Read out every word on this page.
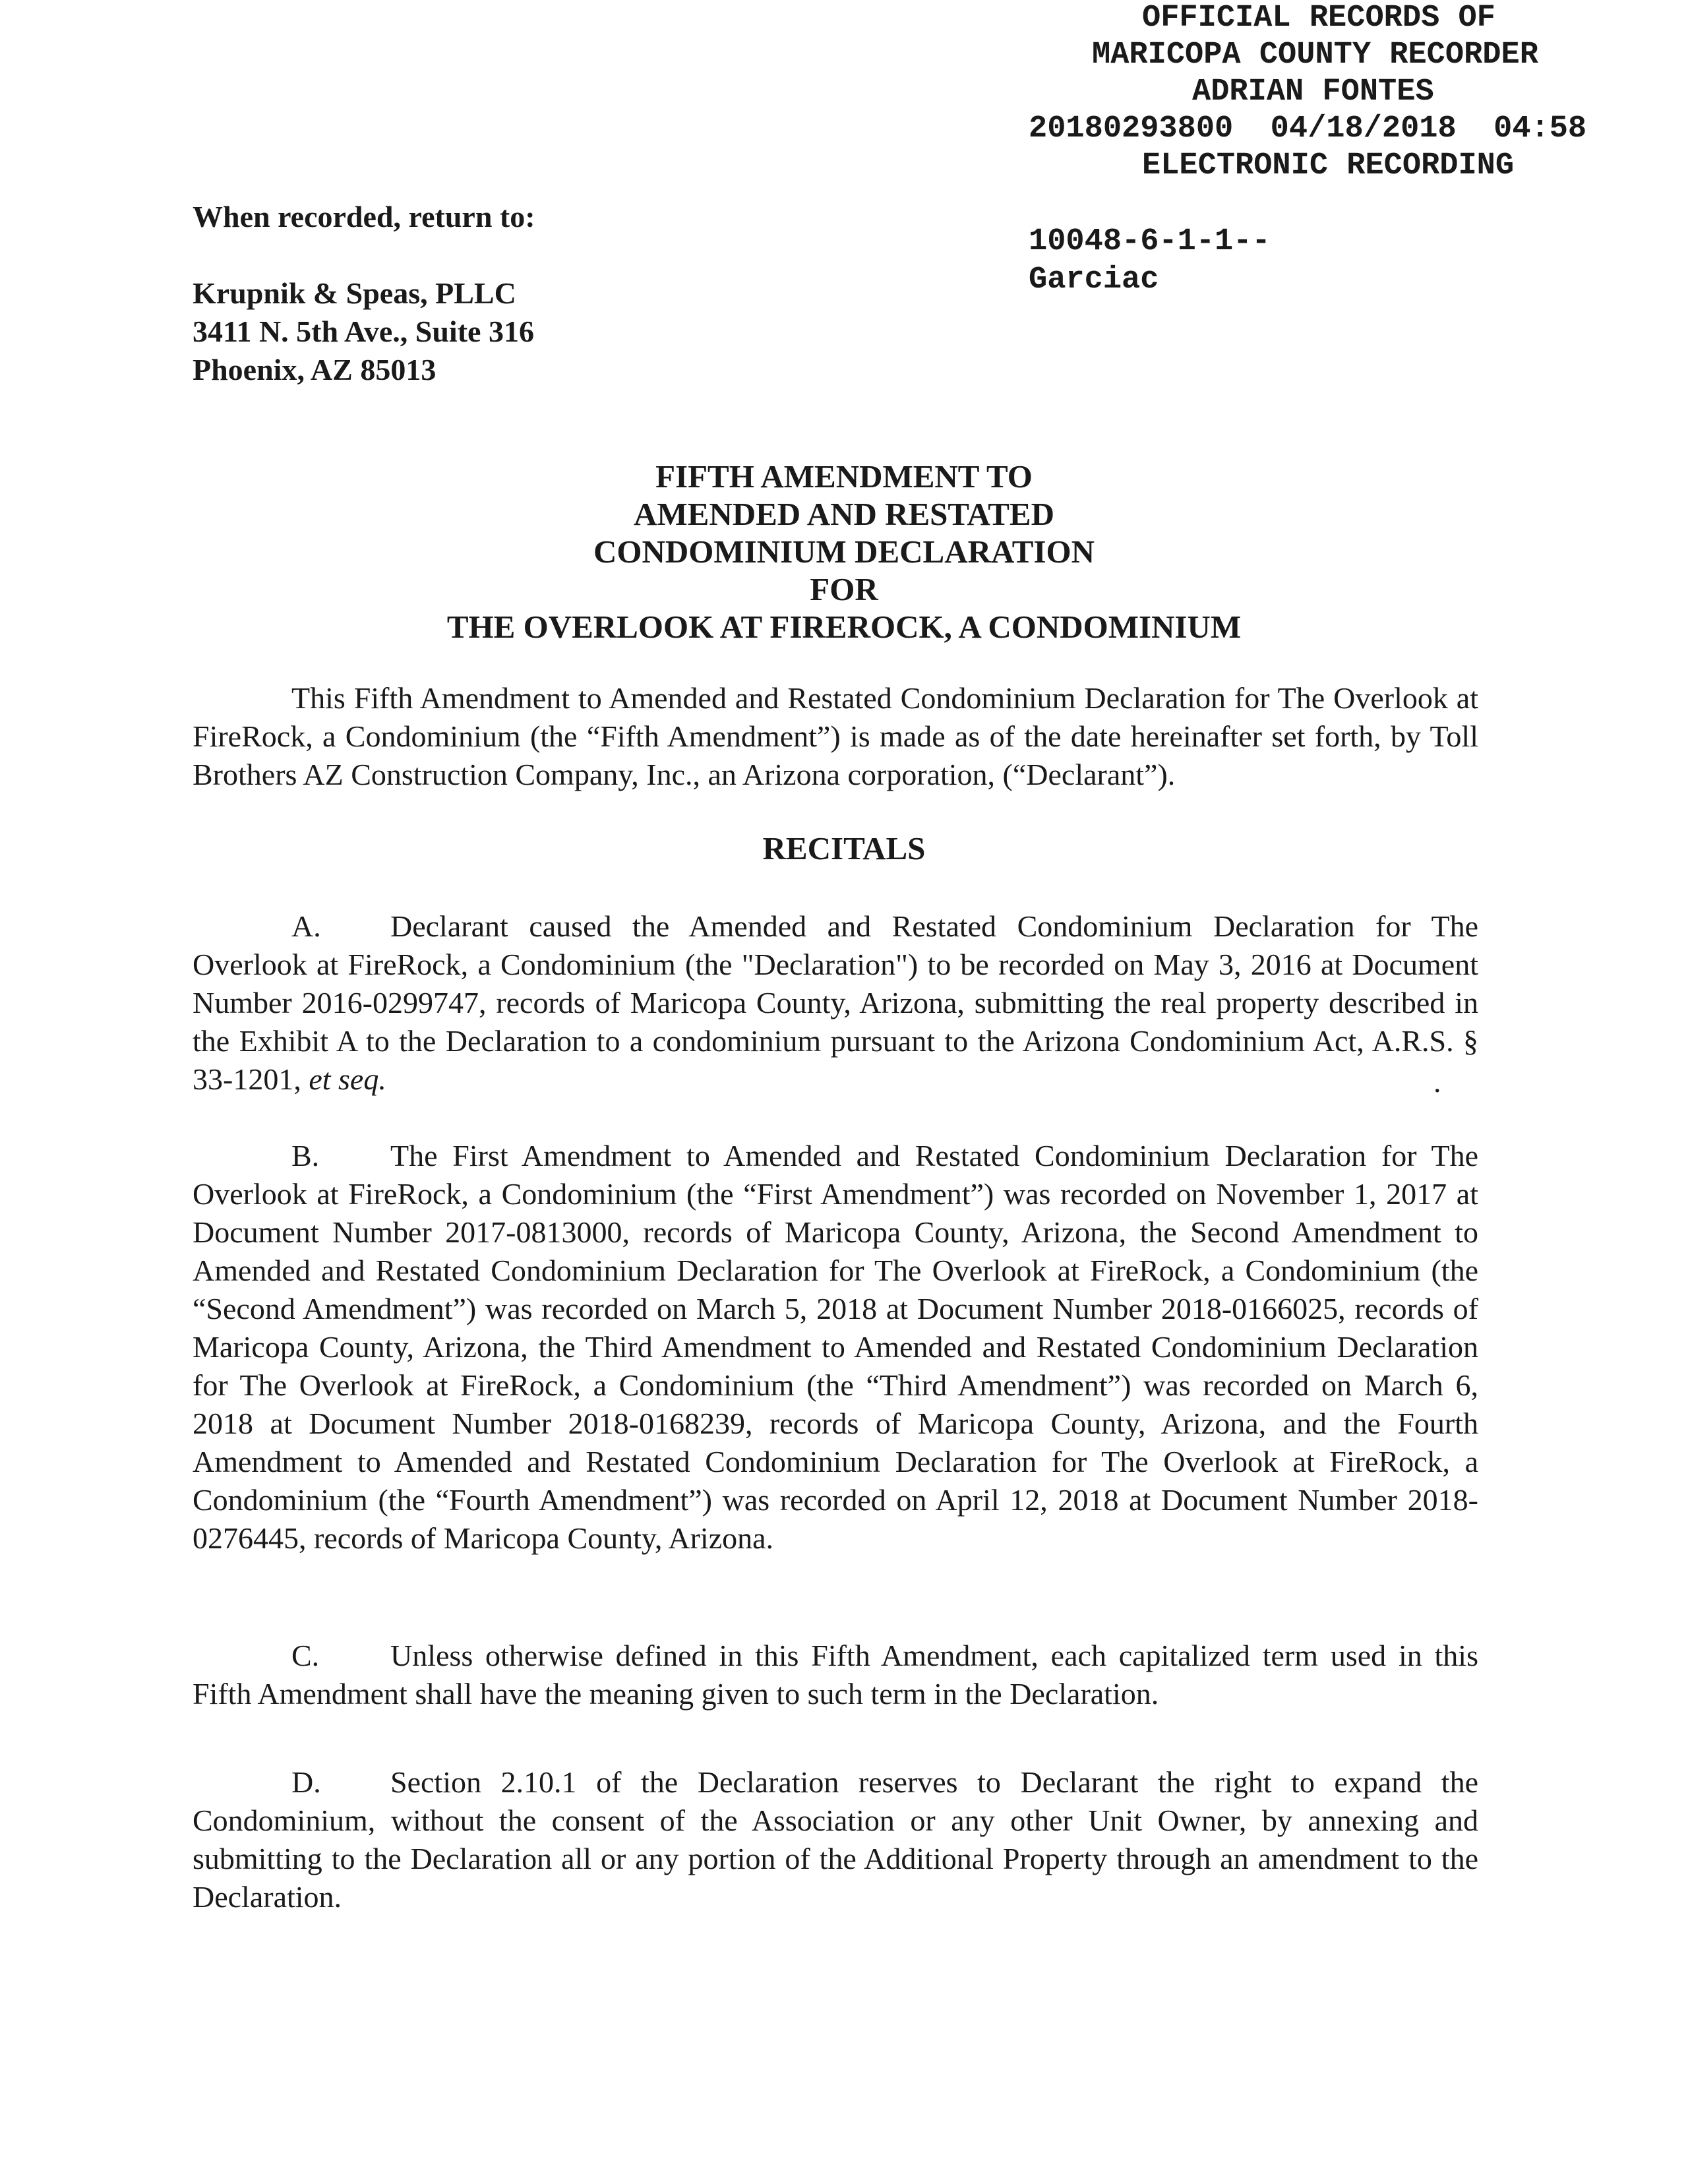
OFFICIAL RECORDS OF
MARICOPA COUNTY RECORDER
ADRIAN FONTES
20180293800  04/18/2018  04:58
ELECTRONIC RECORDING
10048-6-1-1--
Garciac
When recorded, return to:
Krupnik & Speas, PLLC
3411 N. 5th Ave., Suite 316
Phoenix, AZ 85013
FIFTH AMENDMENT TO
AMENDED AND RESTATED
CONDOMINIUM DECLARATION
FOR
THE OVERLOOK AT FIREROCK, A CONDOMINIUM
This Fifth Amendment to Amended and Restated Condominium Declaration for The Overlook at FireRock, a Condominium (the “Fifth Amendment”) is made as of the date hereinafter set forth, by Toll Brothers AZ Construction Company, Inc., an Arizona corporation, (“Declarant”).
RECITALS

A. Declarant caused the Amended and Restated Condominium Declaration for The Overlook at FireRock, a Condominium (the "Declaration") to be recorded on May 3, 2016 at Document Number 2016-0299747, records of Maricopa County, Arizona, submitting the real property described in the Exhibit A to the Declaration to a condominium pursuant to the Arizona Condominium Act, A.R.S. § 33-1201, et seq.	.

B. The First Amendment to Amended and Restated Condominium Declaration for The Overlook at FireRock, a Condominium (the “First Amendment”) was recorded on November 1, 2017 at Document Number 2017-0813000, records of Maricopa County, Arizona, the Second Amendment to Amended and Restated Condominium Declaration for The Overlook at FireRock, a Condominium (the “Second Amendment”) was recorded on March 5, 2018 at Document Number 2018-0166025, records of Maricopa County, Arizona, the Third Amendment to Amended and Restated Condominium Declaration for The Overlook at FireRock, a Condominium (the “Third Amendment”) was recorded on March 6, 2018 at Document Number 2018-0168239, records of Maricopa County, Arizona, and the Fourth Amendment to Amended and Restated Condominium Declaration for The Overlook at FireRock, a Condominium (the “Fourth Amendment”) was recorded on April 12, 2018 at Document Number 2018-0276445, records of Maricopa County, Arizona.

C. Unless otherwise defined in this Fifth Amendment, each capitalized term used in this Fifth Amendment shall have the meaning given to such term in the Declaration.

D. Section 2.10.1 of the Declaration reserves to Declarant the right to expand the Condominium, without the consent of the Association or any other Unit Owner, by annexing and submitting to the Declaration all or any portion of the Additional Property through an amendment to the Declaration.
